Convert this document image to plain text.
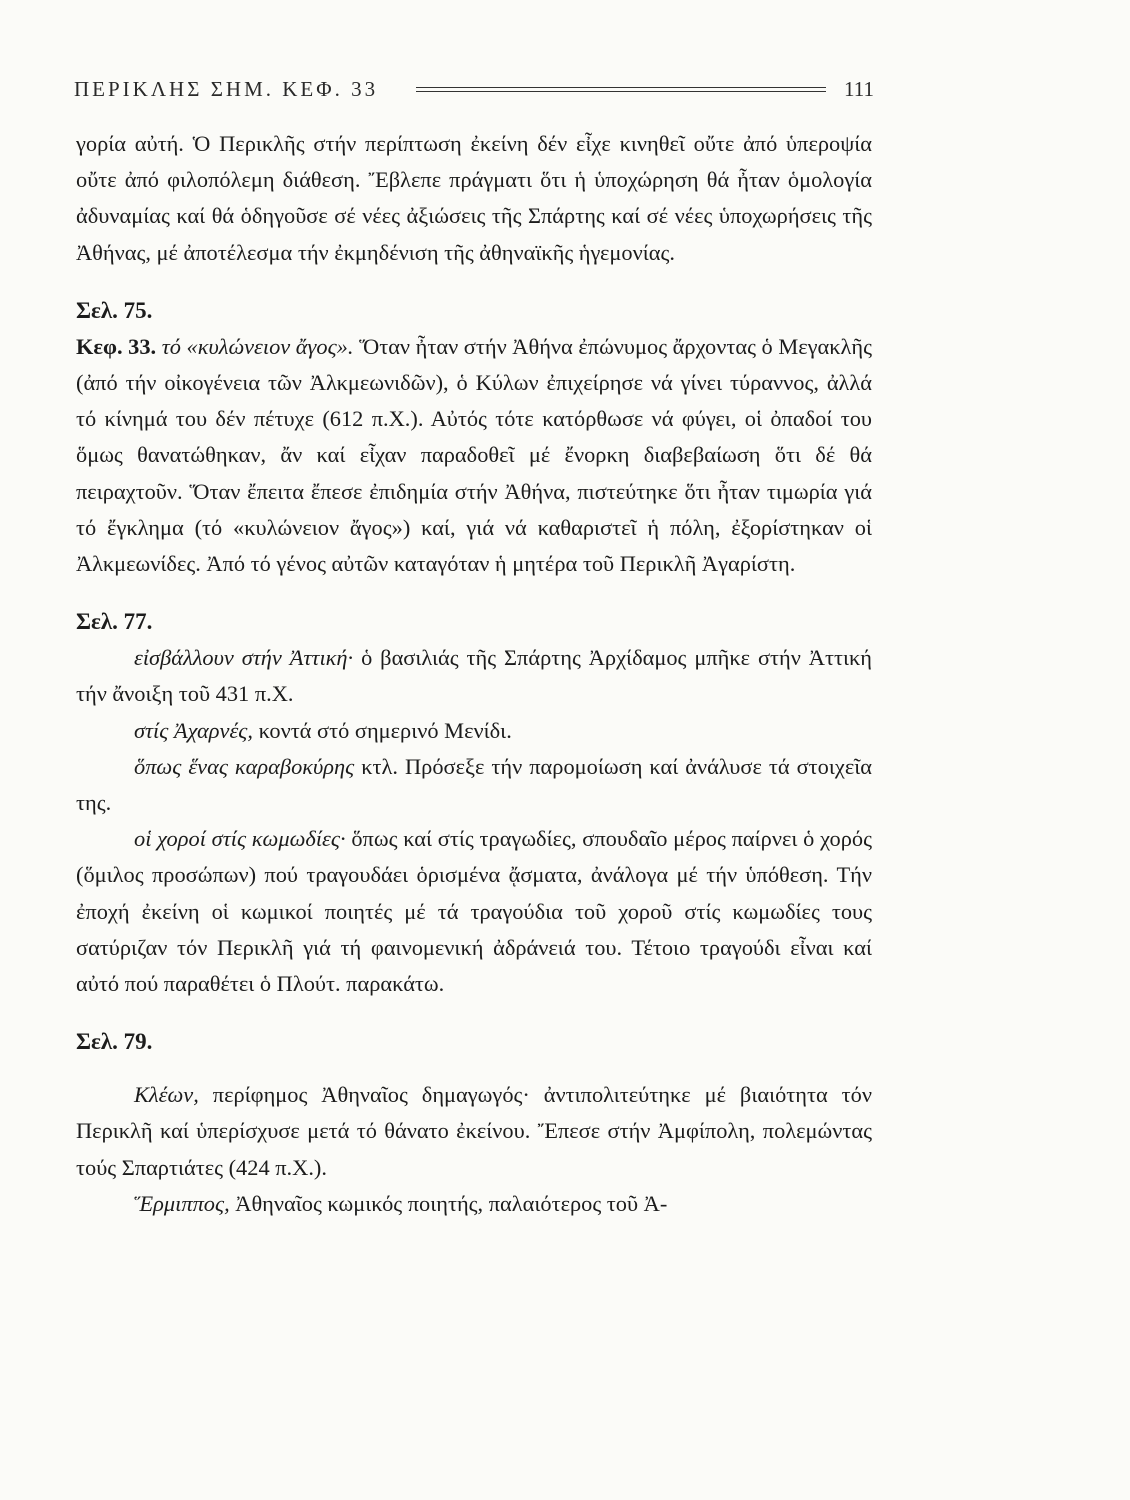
ΠΕΡΙΚΛΗΣ ΣΗΜ. ΚΕΦ. 33	111

γορία αὐτή. Ὁ Περικλῆς στήν περίπτωση ἐκείνη δέν εἶχε κινηθεῖ οὔτε ἀπό ὑπεροψία οὔτε ἀπό φιλοπόλεμη διάθεση. Ἔβλεπε πράγματι ὅτι ἡ ὑποχώρηση θά ἦταν ὁμολογία ἀδυναμίας καί θά ὁδηγοῦσε σέ νέες ἀξιώσεις τῆς Σπάρτης καί σέ νέες ὑποχωρήσεις τῆς Ἀθήνας, μέ ἀποτέλεσμα τήν ἐκμηδένιση τῆς ἀθηναϊκῆς ἡγεμονίας.

Σελ. 75.

Κεφ. 33. τό «κυλώνειον ἄγος». Ὅταν ἦταν στήν Ἀθήνα ἐπώνυμος ἄρχοντας ὁ Μεγακλῆς (ἀπό τήν οἰκογένεια τῶν Ἀλκμεωνιδῶν), ὁ Κύλων ἐπιχείρησε νά γίνει τύραννος, ἀλλά τό κίνημά του δέν πέτυχε (612 π.Χ.). Αὐτός τότε κατόρθωσε νά φύγει, οἱ ὀπαδοί του ὅμως θανατώθηκαν, ἄν καί εἶχαν παραδοθεῖ μέ ἔνορκη διαβεβαίωση ὅτι δέ θά πειραχτοῦν. Ὅταν ἔπειτα ἔπεσε ἐπιδημία στήν Ἀθήνα, πιστεύτηκε ὅτι ἦταν τιμωρία γιά τό ἔγκλημα (τό «κυλώνειον ἄγος») καί, γιά νά καθαριστεῖ ἡ πόλη, ἐξορίστηκαν οἱ Ἀλκμεωνίδες. Ἀπό τό γένος αὐτῶν καταγόταν ἡ μητέρα τοῦ Περικλῆ Ἀγαρίστη.

Σελ. 77.

εἰσβάλλουν στήν Ἀττική· ὁ βασιλιάς τῆς Σπάρτης Ἀρχίδαμος μπῆκε στήν Ἀττική τήν ἄνοιξη τοῦ 431 π.Χ.

στίς Ἀχαρνές, κοντά στό σημερινό Μενίδι.

ὅπως ἕνας καραβοκύρης κτλ. Πρόσεξε τήν παρομοίωση καί ἀνάλυσε τά στοιχεῖα της.

οἱ χοροί στίς κωμωδίες· ὅπως καί στίς τραγωδίες, σπουδαῖο μέρος παίρνει ὁ χορός (ὅμιλος προσώπων) πού τραγουδάει ὁρισμένα ᾄσματα, ἀνάλογα μέ τήν ὑπόθεση. Τήν ἐποχή ἐκείνη οἱ κωμικοί ποιητές μέ τά τραγούδια τοῦ χοροῦ στίς κωμωδίες τους σατύριζαν τόν Περικλῆ γιά τή φαινομενική ἀδράνειά του. Τέτοιο τραγούδι εἶναι καί αὐτό πού παραθέτει ὁ Πλούτ. παρακάτω.

Σελ. 79.

Κλέων, περίφημος Ἀθηναῖος δημαγωγός· ἀντιπολιτεύτηκε μέ βιαιότητα τόν Περικλῆ καί ὑπερίσχυσε μετά τό θάνατο ἐκείνου. Ἔπεσε στήν Ἀμφίπολη, πολεμώντας τούς Σπαρτιάτες (424 π.Χ.).

Ἕρμιππος, Ἀθηναῖος κωμικός ποιητής, παλαιότερος τοῦ Ἀ-
